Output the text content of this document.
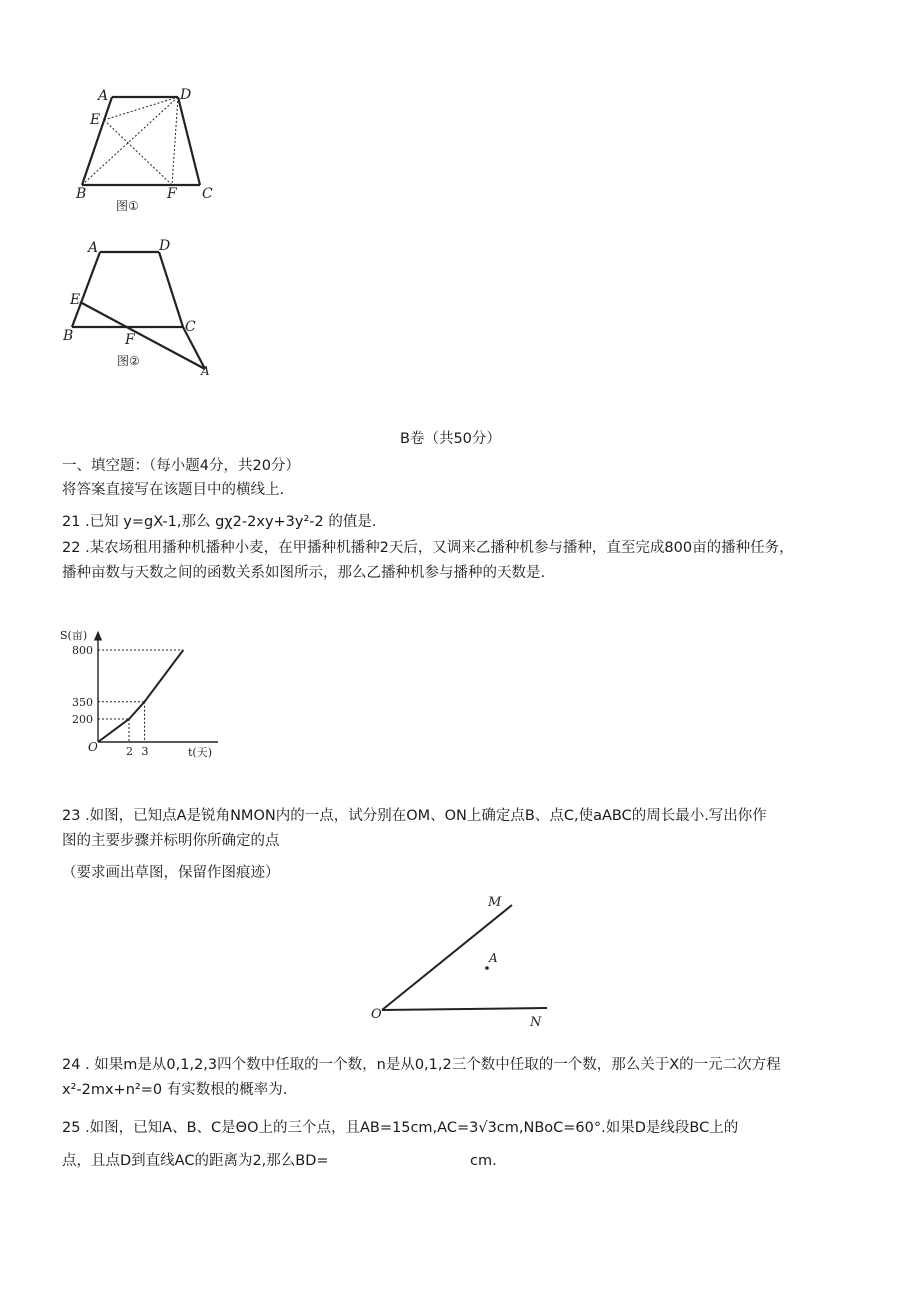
A	D
E
B	F C
图①
A	D
E
B	F
C
A
图②
B卷（共50分）
一、填空题：（每小题4分，共20分）
将答案直接写在该题目中的横线上.
21 .已知 y=gX-1,那么 gχ2-2xy+3y²-2 的值是.
22 .某农场租用播种机播种小麦，在甲播种机播种2天后，又调来乙播种机参与播种，直至完成800亩的播种任务，
播种亩数与天数之间的函数关系如图所示，那么乙播种机参与播种的天数是.
800
350
200
2 3
S(亩)
t(天)
O
23 .如图，已知点A是锐角NMON内的一点，试分别在OM、ON上确定点B、点C,使aABC的周长最小.写出你作
图的主要步骤并标明你所确定的点
（要求画出草图，保留作图痕迹）
M
A
O
N
24 . 如果m是从0,1,2,3四个数中任取的一个数，n是从0,1,2三个数中任取的一个数，那么关于X的一元二次方程
x²-2mx+n²=0 有实数根的概率为.
25 .如图，已知A、B、C是ΘO上的三个点，且AB=15cm,AC=3√3cm,NBoC=60°.如果D是线段BC上的
点，且点D到直线AC的距离为2,那么BD=	cm.
